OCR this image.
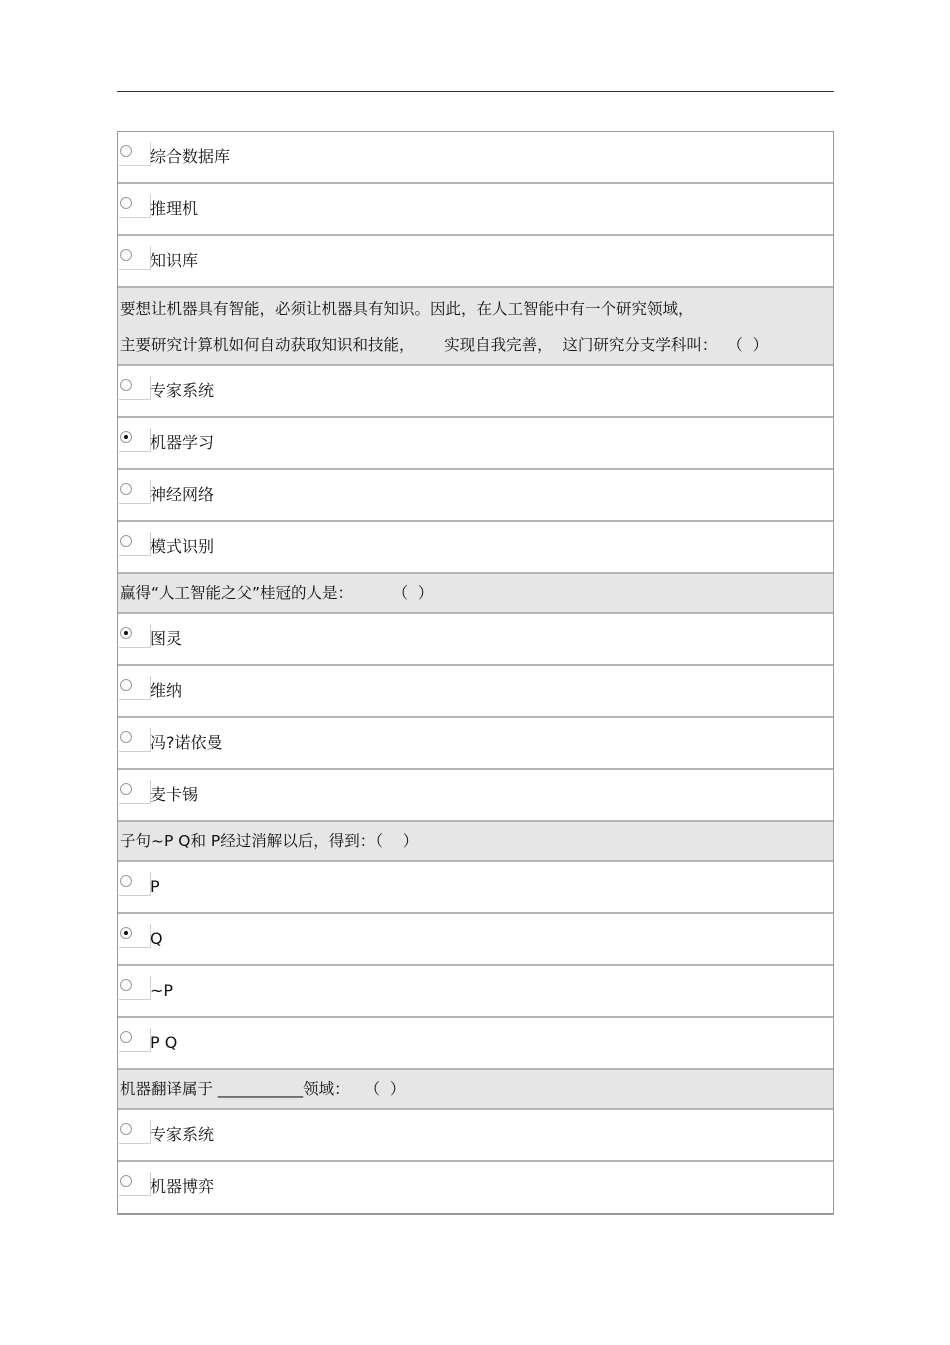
综合数据库
推理机
知识库
要想让机器具有智能，必须让机器具有知识。因此，在人工智能中有一个研究领域，
主要研究计算机如何自动获取知识和技能，      实现自我完善，  这门研究分支学科叫：  （  ）
专家系统
机器学习
神经网络
模式识别
赢得“人工智能之父”桂冠的人是：        （  ）
图灵
维纳
冯?诺依曼
麦卡锡
子句~P Q和 P经过消解以后，得到：（    ）
P
Q
~P
P Q
机器翻译属于 ___________领域：   （  ）
专家系统
机器博弈
